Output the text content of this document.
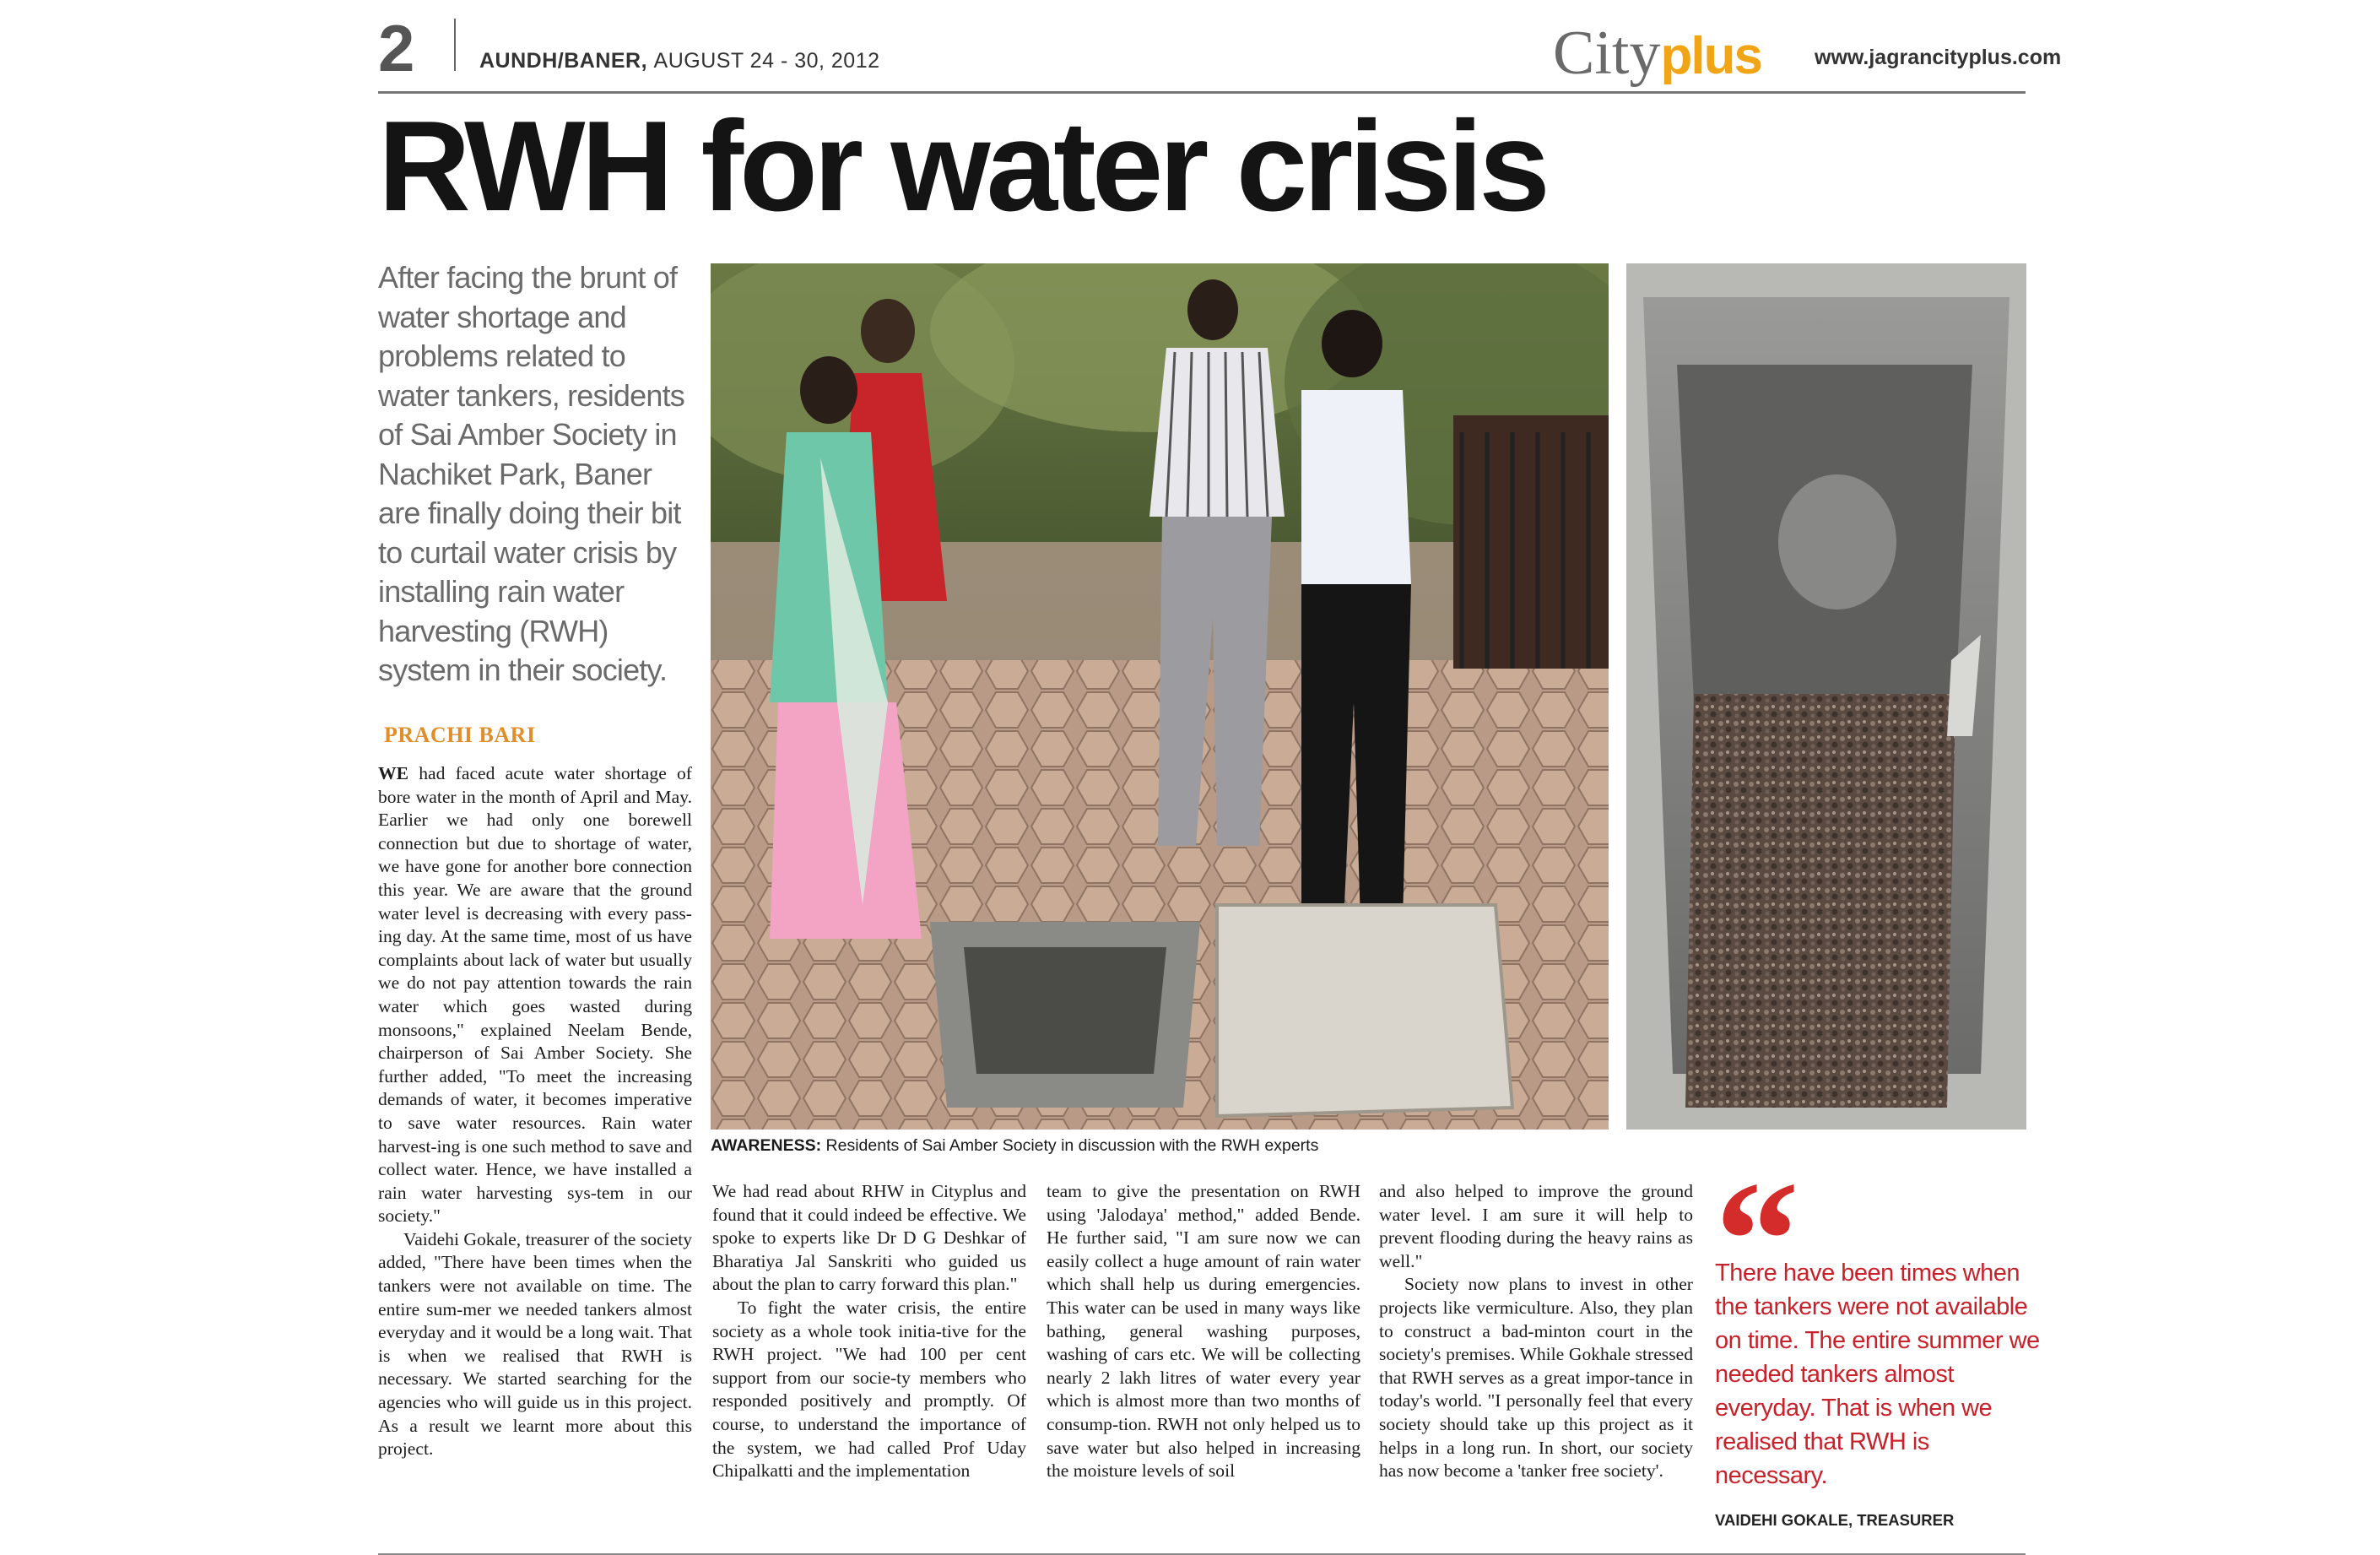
2	AUNDH/BANER, AUGUST 24 - 30, 2012	Cityplus	www.jagrancityplus.com
RWH for water crisis
After facing the brunt of water shortage and problems related to water tankers, residents of Sai Amber Society in Nachiket Park, Baner are finally doing their bit to curtail water crisis by installing rain water harvesting (RWH) system in their society.
PRACHI BARI

WE had faced acute water shortage of bore water in the month of April and May. Earlier we had only one borewell connection but due to shortage of water, we have gone for another bore connection this year. We are aware that the ground water level is decreasing with every pass-ing day. At the same time, most of us have complaints about lack of water but usually we do not pay attention towards the rain water which goes wasted during monsoons," explained Neelam Bende, chairperson of Sai Amber Society. She further added, "To meet the increasing demands of water, it becomes imperative to save water resources. Rain water harvest-ing is one such method to save and collect water. Hence, we have installed a rain water harvesting sys-tem in our society."

Vaidehi Gokale, treasurer of the society added, "There have been times when the tankers were not available on time. The entire sum-mer we needed tankers almost everyday and it would be a long wait. That is when we realised that RWH is necessary. We started searching for the agencies who will guide us in this project. As a result we learnt more about this project.

AWARENESS: Residents of Sai Amber Society in discussion with the RWH experts

We had read about RHW in Cityplus and found that it could indeed be effective. We spoke to experts like Dr D G Deshkar of Bharatiya Jal Sanskriti who guided us about the plan to carry forward this plan."

To fight the water crisis, the entire society as a whole took initia-tive for the RWH project. "We had 100 per cent support from our socie-ty members who responded positively and promptly. Of course, to understand the importance of the system, we had called Prof Uday Chipalkatti and the implementation

team to give the presentation on RWH using 'Jalodaya' method," added Bende. He further said, "I am sure now we can easily collect a huge amount of rain water which shall help us during emergencies. This water can be used in many ways like bathing, general washing purposes, washing of cars etc. We will be collecting nearly 2 lakh litres of water every year which is almost more than two months of consump-tion. RWH not only helped us to save water but also helped in increasing the moisture levels of soil

and also helped to improve the ground water level. I am sure it will help to prevent flooding during the heavy rains as well."

Society now plans to invest in other projects like vermiculture. Also, they plan to construct a bad-minton court in the society's premises. While Gokhale stressed that RWH serves as a great impor-tance in today's world. "I personally feel that every society should take up this project as it helps in a long run. In short, our society has now become a 'tanker free society'.

“
There have been times when the tankers were not available on time. The entire summer we needed tankers almost everyday. That is when we realised that RWH is necessary.
VAIDEHI GOKALE, TREASURER
